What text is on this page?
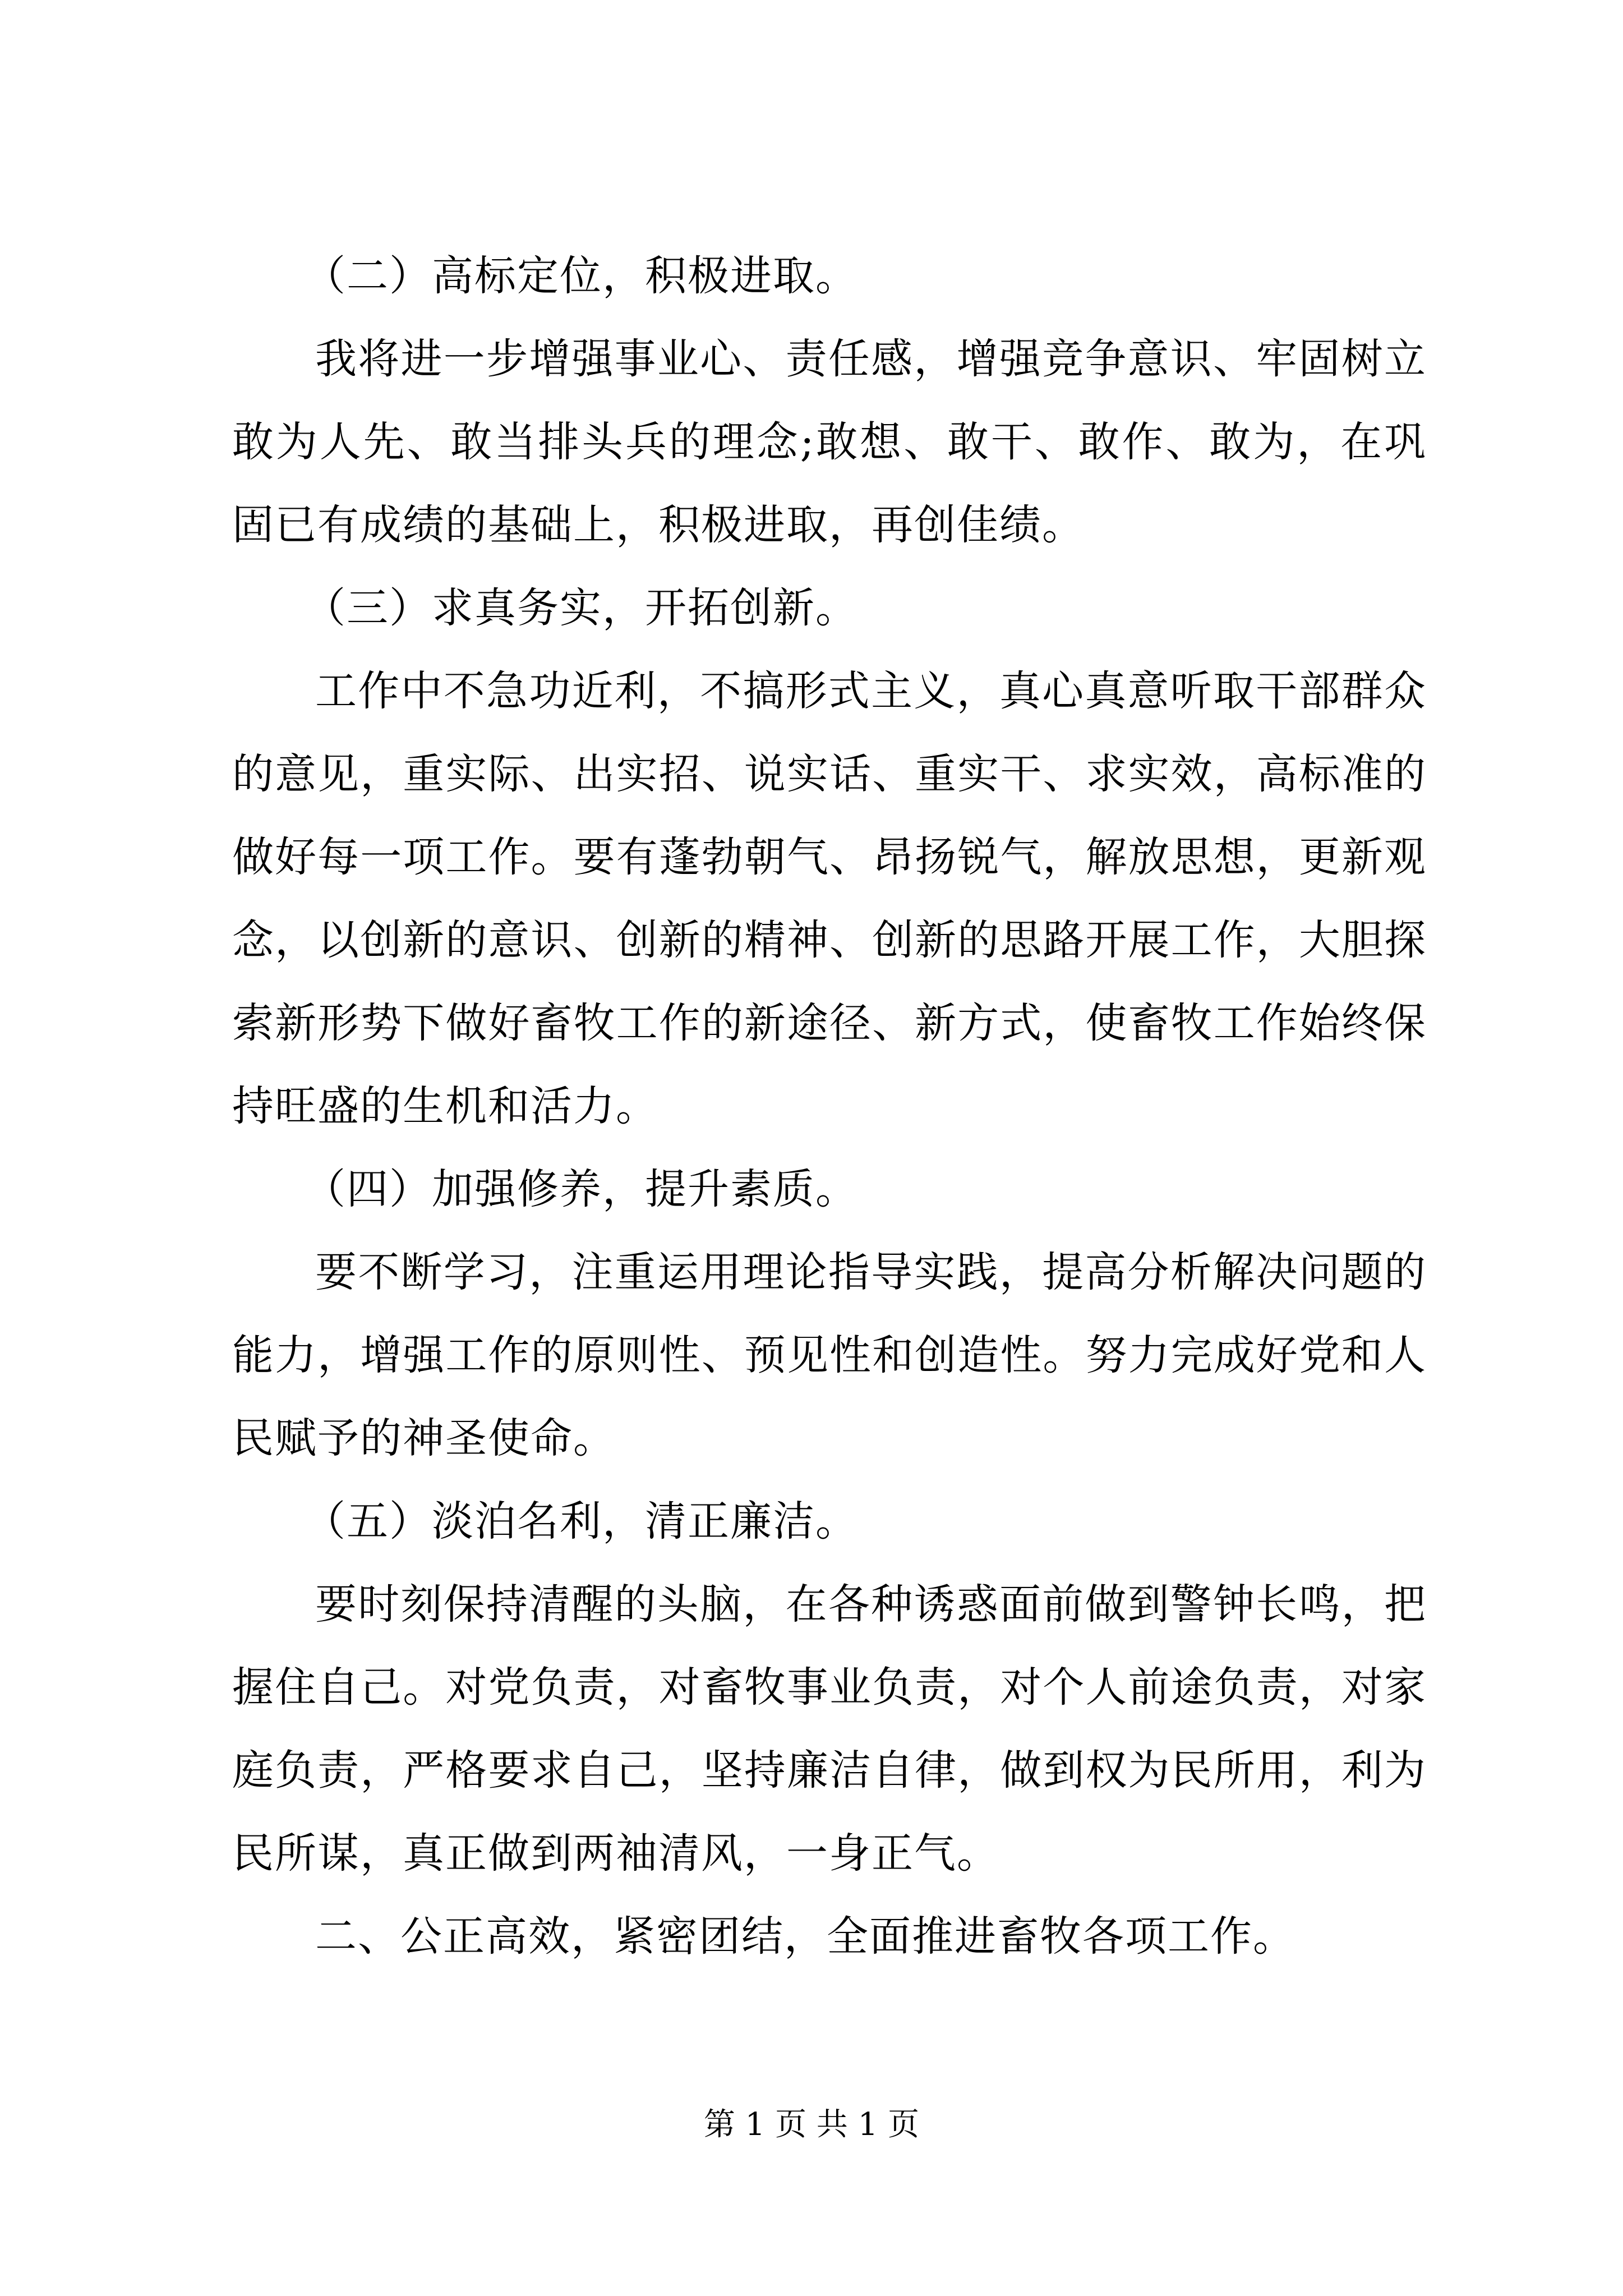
（二）高标定位，积极进取。
我将进一步增强事业心、责任感，增强竞争意识、牢固树立
敢为人先、敢当排头兵的理念;敢想、敢干、敢作、敢为，在巩
固已有成绩的基础上，积极进取，再创佳绩。
（三）求真务实，开拓创新。
工作中不急功近利，不搞形式主义，真心真意听取干部群众
的意见，重实际、出实招、说实话、重实干、求实效，高标准的
做好每一项工作。要有蓬勃朝气、昂扬锐气，解放思想，更新观
念，以创新的意识、创新的精神、创新的思路开展工作，大胆探
索新形势下做好畜牧工作的新途径、新方式，使畜牧工作始终保
持旺盛的生机和活力。
（四）加强修养，提升素质。
要不断学习，注重运用理论指导实践，提高分析解决问题的
能力，增强工作的原则性、预见性和创造性。努力完成好党和人
民赋予的神圣使命。
（五）淡泊名利，清正廉洁。
要时刻保持清醒的头脑，在各种诱惑面前做到警钟长鸣，把
握住自己。对党负责，对畜牧事业负责，对个人前途负责，对家
庭负责，严格要求自己，坚持廉洁自律，做到权为民所用，利为
民所谋，真正做到两袖清风，一身正气。
二、公正高效，紧密团结，全面推进畜牧各项工作。
第 1 页 共 1 页
